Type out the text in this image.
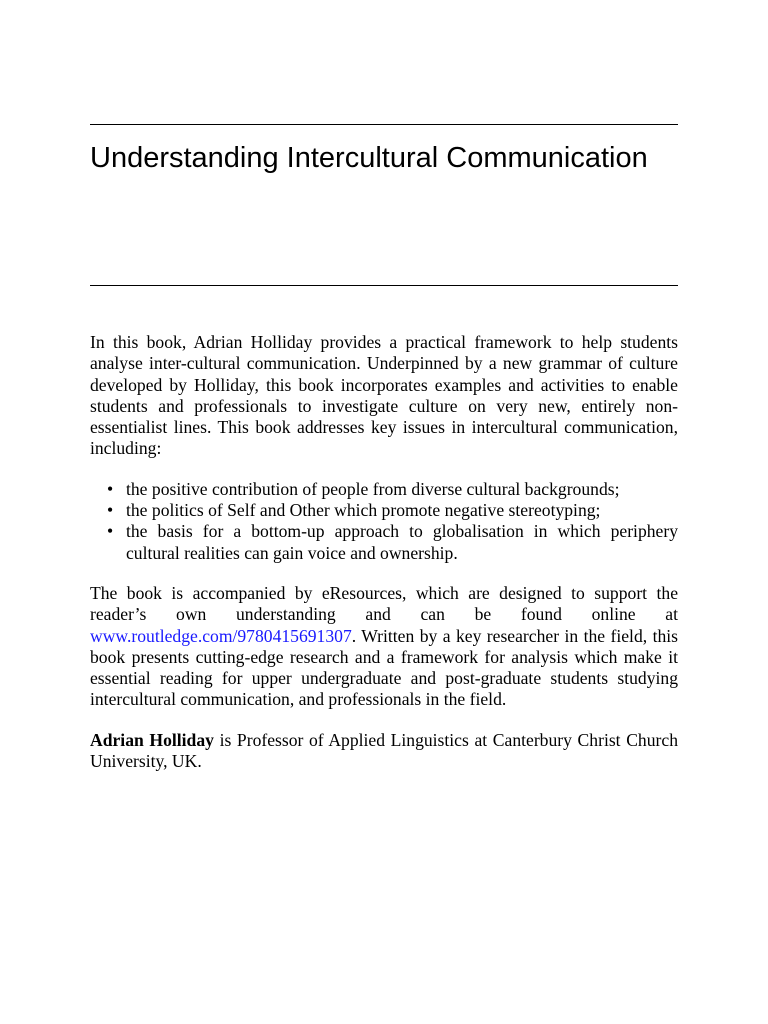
Understanding Intercultural Communication

In this book, Adrian Holliday provides a practical framework to help students analyse inter-cultural communication. Underpinned by a new grammar of culture developed by Holliday, this book incorporates examples and activities to enable students and professionals to investigate culture on very new, entirely non-essentialist lines. This book addresses key issues in intercultural communication, including:

• the positive contribution of people from diverse cultural backgrounds;
• the politics of Self and Other which promote negative stereotyping;
• the basis for a bottom-up approach to globalisation in which periphery cultural realities can gain voice and ownership.

The book is accompanied by eResources, which are designed to support the reader’s own understanding and can be found online at www.routledge.com/9780415691307. Written by a key researcher in the field, this book presents cutting-edge research and a framework for analysis which make it essential reading for upper undergraduate and post-graduate students studying intercultural communication, and professionals in the field.

Adrian Holliday is Professor of Applied Linguistics at Canterbury Christ Church University, UK.
